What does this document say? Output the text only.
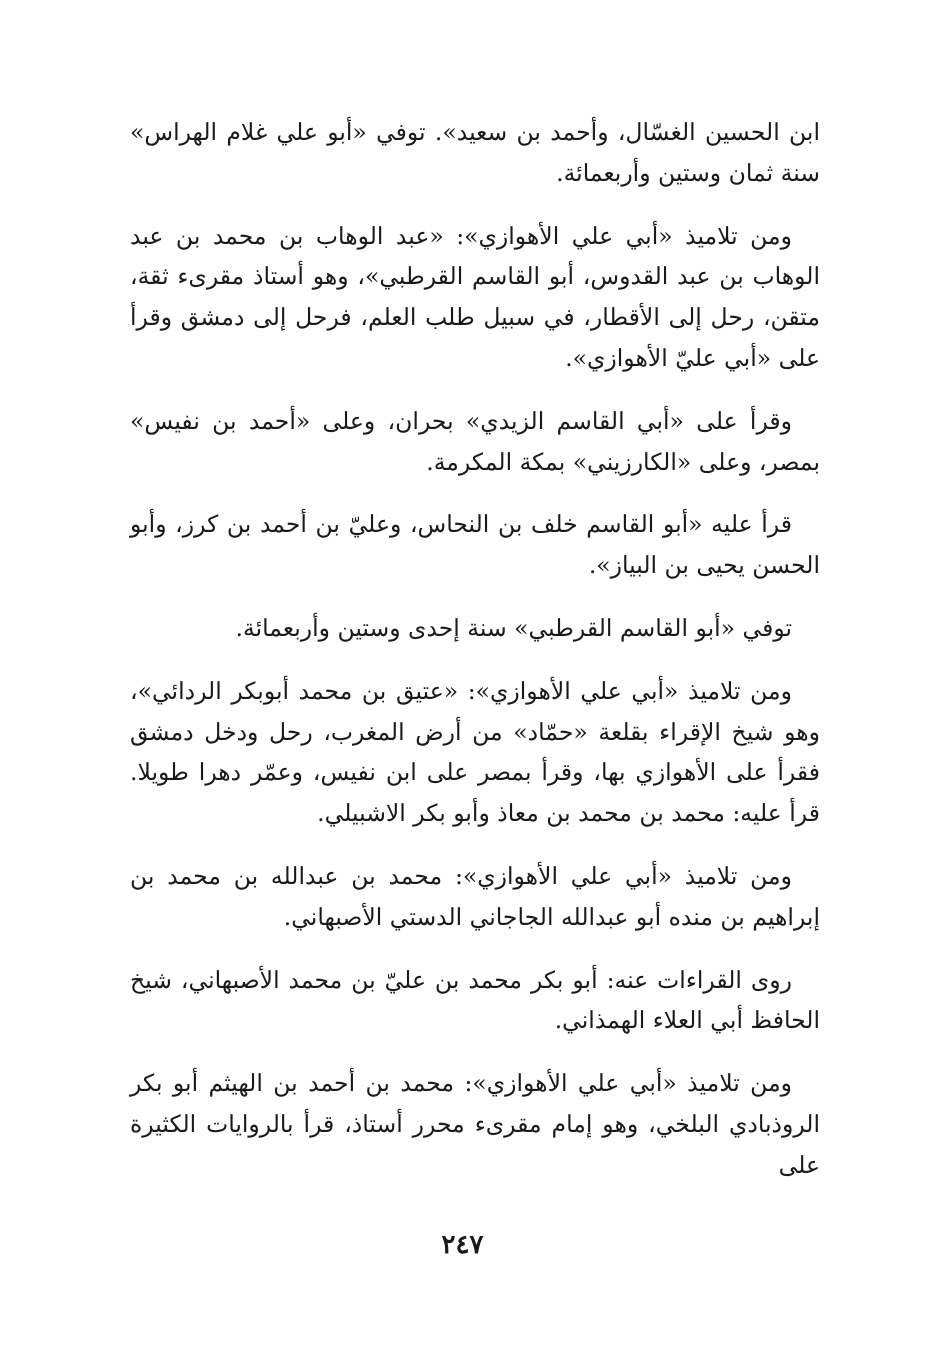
ابن الحسين الغسّال، وأحمد بن سعيد». توفي «أبو علي غلام الهراس» سنة ثمان وستين وأربعمائة.

ومن تلاميذ «أبي علي الأهوازي»: «عبد الوهاب بن محمد بن عبد الوهاب بن عبد القدوس، أبو القاسم القرطبي»، وهو أستاذ مقرىء ثقة، متقن، رحل إلى الأقطار، في سبيل طلب العلم، فرحل إلى دمشق وقرأ على «أبي عليّ الأهوازي».

وقرأ على «أبي القاسم الزيدي» بحران، وعلى «أحمد بن نفيس» بمصر، وعلى «الكارزيني» بمكة المكرمة.

قرأ عليه «أبو القاسم خلف بن النحاس، وعليّ بن أحمد بن كرز، وأبو الحسن يحيى بن البياز».

توفي «أبو القاسم القرطبي» سنة إحدى وستين وأربعمائة.

ومن تلاميذ «أبي علي الأهوازي»: «عتيق بن محمد أبوبكر الردائي»، وهو شيخ الإقراء بقلعة «حمّاد» من أرض المغرب، رحل ودخل دمشق فقرأ على الأهوازي بها، وقرأ بمصر على ابن نفيس، وعمّر دهرا طويلا. قرأ عليه: محمد بن محمد بن معاذ وأبو بكر الاشبيلي.

ومن تلاميذ «أبي علي الأهوازي»: محمد بن عبدالله بن محمد بن إبراهيم بن منده أبو عبدالله الجاجاني الدستي الأصبهاني.

روى القراءات عنه: أبو بكر محمد بن عليّ بن محمد الأصبهاني، شيخ الحافظ أبي العلاء الهمذاني.

ومن تلاميذ «أبي علي الأهوازي»: محمد بن أحمد بن الهيثم أبو بكر الروذبادي البلخي، وهو إمام مقرىء محرر أستاذ، قرأ بالروايات الكثيرة على

٢٤٧
